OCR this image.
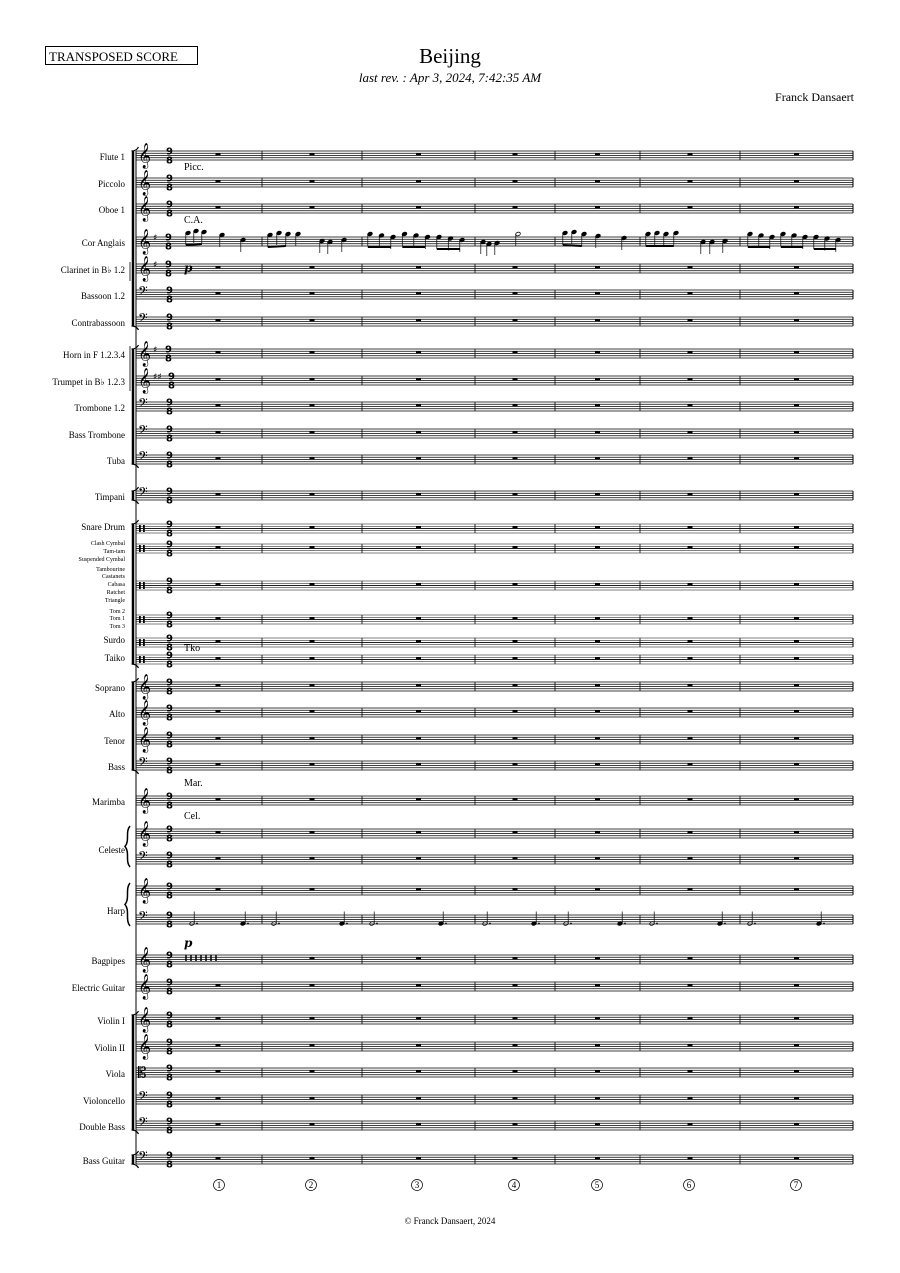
TRANSPOSED SCORE	Beijing
last rev. : Apr 3, 2024, 7:42:35 AM
Franck Dansaert
Flute 1
Piccolo
Oboe 1
Cor Anglais
Clarinet in B♭ 1.2
Bassoon 1.2
Contrabassoon
Horn in F 1.2.3.4
Trumpet in B♭ 1.2.3
Trombone 1.2
Bass Trombone
Tuba
Timpani
Snare Drum
Surdo
Taiko
Soprano
Alto
Tenor
Bass
Marimba
Bagpipes
Electric Guitar
Violin I
Violin II
Viola
Violoncello
Double Bass
Bass Guitar
Celeste
Harp
Clash Cymbal
Tam-tam
Suspended Cymbal
Tambourine
Castanets
Cabasa
Ratchet
Triangle
Tom 2
Tom 1
Tom 3
𝄞 9
8
𝄞 9
8
𝄞 9
8
𝄞 ♯ 9
8
𝄞 ♯ 9
8
𝄢 9
8
𝄢 9
8
𝄞 ♯ 9
8
𝄞 ♯♯ 9
8
𝄢 9
8
𝄢 9
8
𝄢 9
8
𝄢 9
8
9
8
9
8
9
8
9
8
9
8
9
8
𝄞 9
8
𝄞 9
8
𝄞 9
8
𝄢 9
8
𝄞 9
8
𝄞 9
8
𝄢 9
8
𝄞 9
8
𝄢 9
8
𝄞 9
8
𝄞 9
8
𝄞 9
8
𝄞 9
8
𝄡 9
8
𝄢 9
8
𝄢 9
8
𝄢 9
8
Picc.
C.A.
Tko
Mar.
Cel.
p
p
1	2	3	4	5	6	7
© Franck Dansaert, 2024
